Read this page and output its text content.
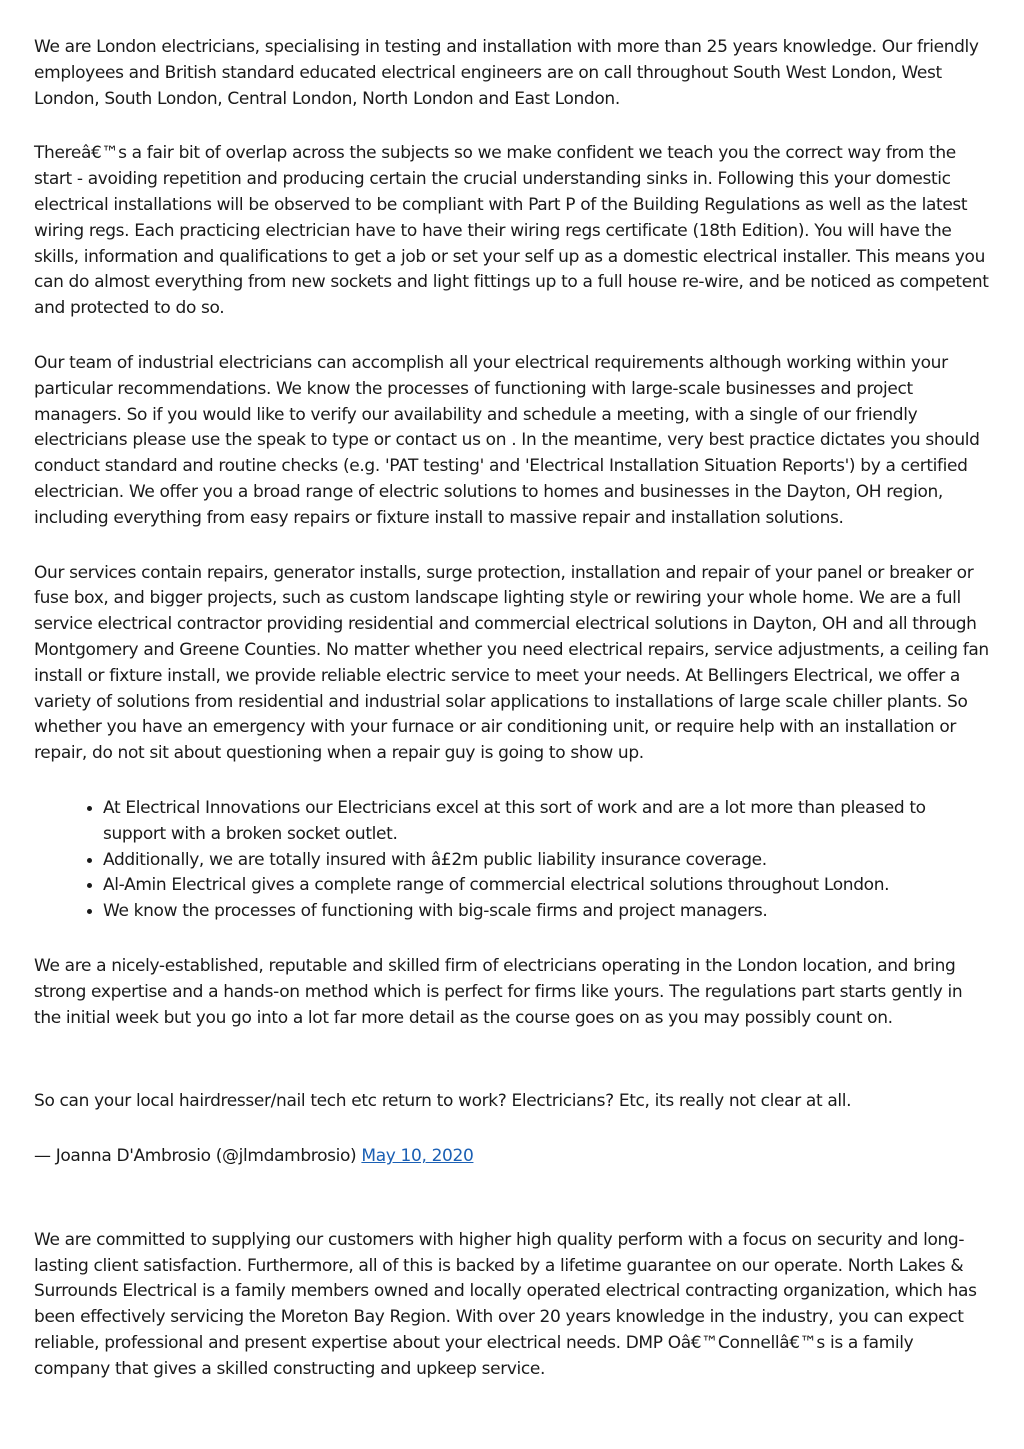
We are London electricians, specialising in testing and installation with more than 25 years knowledge. Our friendly employees and British standard educated electrical engineers are on call throughout South West London, West London, South London, Central London, North London and East London.

Thereâ€™s a fair bit of overlap across the subjects so we make confident we teach you the correct way from the start - avoiding repetition and producing certain the crucial understanding sinks in. Following this your domestic electrical installations will be observed to be compliant with Part P of the Building Regulations as well as the latest wiring regs. Each practicing electrician have to have their wiring regs certificate (18th Edition). You will have the skills, information and qualifications to get a job or set your self up as a domestic electrical installer. This means you can do almost everything from new sockets and light fittings up to a full house re-wire, and be noticed as competent and protected to do so.

Our team of industrial electricians can accomplish all your electrical requirements although working within your particular recommendations. We know the processes of functioning with large-scale businesses and project managers. So if you would like to verify our availability and schedule a meeting, with a single of our friendly electricians please use the speak to type or contact us on . In the meantime, very best practice dictates you should conduct standard and routine checks (e.g. 'PAT testing' and 'Electrical Installation Situation Reports') by a certified electrician. We offer you a broad range of electric solutions to homes and businesses in the Dayton, OH region, including everything from easy repairs or fixture install to massive repair and installation solutions.

Our services contain repairs, generator installs, surge protection, installation and repair of your panel or breaker or fuse box, and bigger projects, such as custom landscape lighting style or rewiring your whole home. We are a full service electrical contractor providing residential and commercial electrical solutions in Dayton, OH and all through Montgomery and Greene Counties. No matter whether you need electrical repairs, service adjustments, a ceiling fan install or fixture install, we provide reliable electric service to meet your needs. At Bellingers Electrical, we offer a variety of solutions from residential and industrial solar applications to installations of large scale chiller plants. So whether you have an emergency with your furnace or air conditioning unit, or require help with an installation or repair, do not sit about questioning when a repair guy is going to show up.

• At Electrical Innovations our Electricians excel at this sort of work and are a lot more than pleased to support with a broken socket outlet.
• Additionally, we are totally insured with â£2m public liability insurance coverage.
• Al-Amin Electrical gives a complete range of commercial electrical solutions throughout London.
• We know the processes of functioning with big-scale firms and project managers.

We are a nicely-established, reputable and skilled firm of electricians operating in the London location, and bring strong expertise and a hands-on method which is perfect for firms like yours. The regulations part starts gently in the initial week but you go into a lot far more detail as the course goes on as you may possibly count on.

So can your local hairdresser/nail tech etc return to work? Electricians? Etc, its really not clear at all.

— Joanna D'Ambrosio (@jlmdambrosio) May 10, 2020

We are committed to supplying our customers with higher high quality perform with a focus on security and long-lasting client satisfaction. Furthermore, all of this is backed by a lifetime guarantee on our operate. North Lakes & Surrounds Electrical is a family members owned and locally operated electrical contracting organization, which has been effectively servicing the Moreton Bay Region. With over 20 years knowledge in the industry, you can expect reliable, professional and present expertise about your electrical needs. DMP Oâ€™Connellâ€™s is a family company that gives a skilled constructing and upkeep service.
